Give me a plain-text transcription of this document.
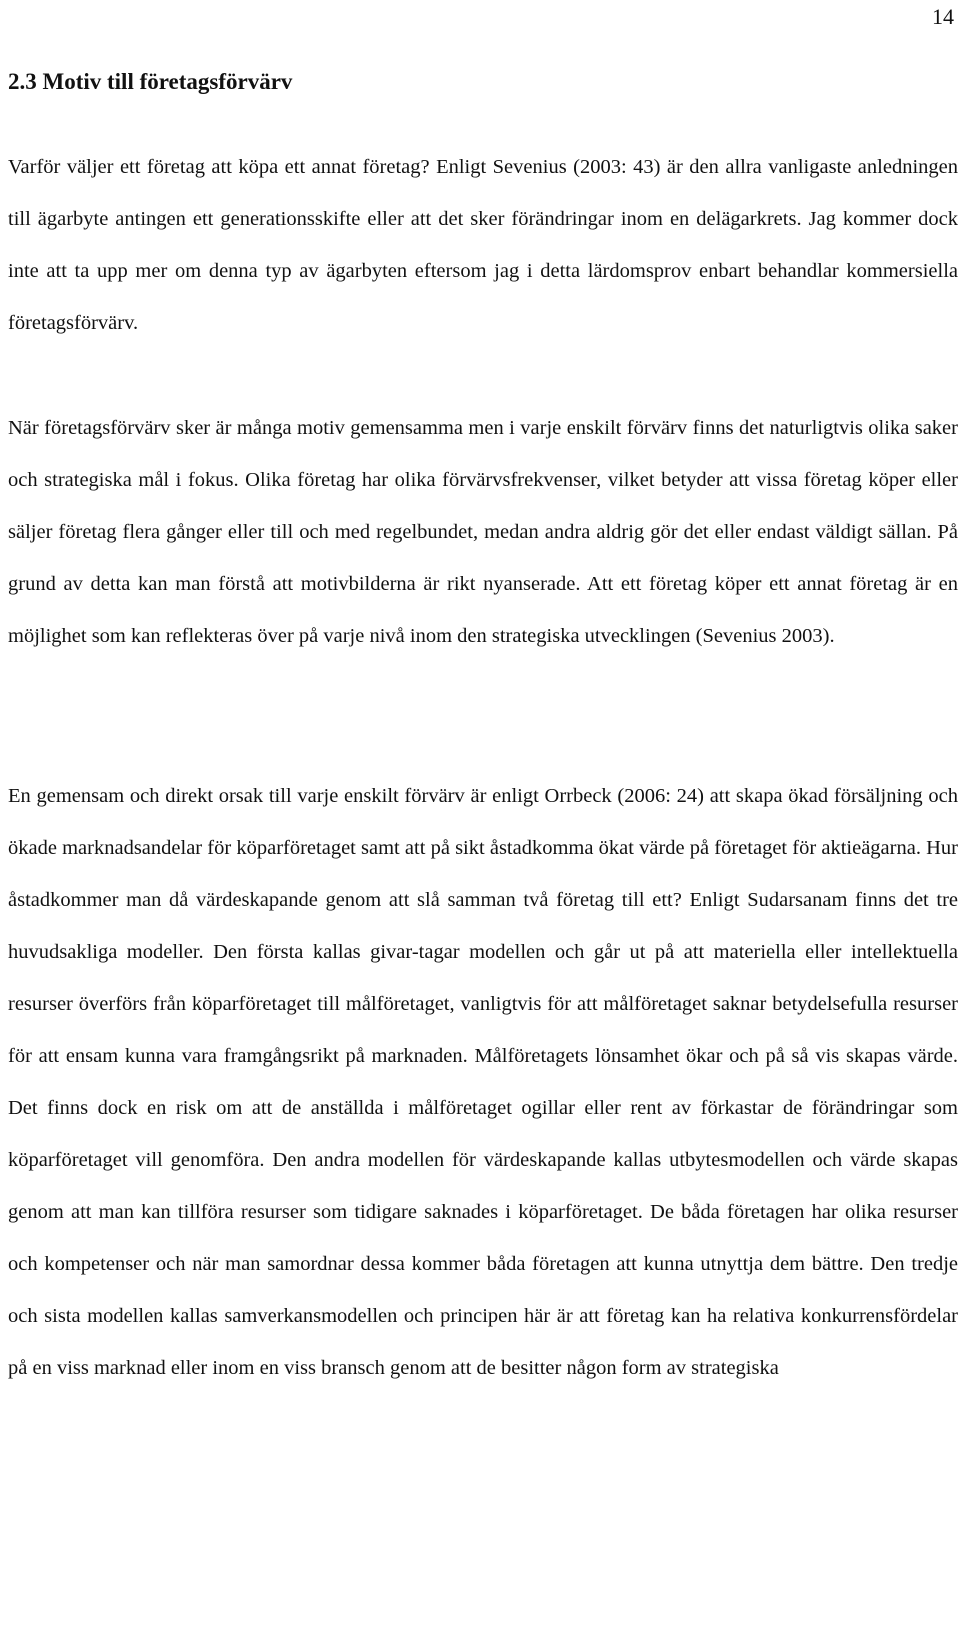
14
2.3 Motiv till företagsförvärv

Varför väljer ett företag att köpa ett annat företag? Enligt Sevenius (2003: 43) är den allra vanligaste anledningen till ägarbyte antingen ett generationsskifte eller att det sker förändringar inom en delägarkrets. Jag kommer dock inte att ta upp mer om denna typ av ägarbyten eftersom jag i detta lärdomsprov enbart behandlar kommersiella företagsförvärv.

När företagsförvärv sker är många motiv gemensamma men i varje enskilt förvärv finns det naturligtvis olika saker och strategiska mål i fokus. Olika företag har olika förvärvsfrekvenser, vilket betyder att vissa företag köper eller säljer företag flera gånger eller till och med regelbundet, medan andra aldrig gör det eller endast väldigt sällan. På grund av detta kan man förstå att motivbilderna är rikt nyanserade. Att ett företag köper ett annat företag är en möjlighet som kan reflekteras över på varje nivå inom den strategiska utvecklingen (Sevenius 2003).

En gemensam och direkt orsak till varje enskilt förvärv är enligt Orrbeck (2006: 24) att skapa ökad försäljning och ökade marknadsandelar för köparföretaget samt att på sikt åstadkomma ökat värde på företaget för aktieägarna. Hur åstadkommer man då värdeskapande genom att slå samman två företag till ett? Enligt Sudarsanam finns det tre huvudsakliga modeller. Den första kallas givar-tagar modellen och går ut på att materiella eller intellektuella resurser överförs från köparföretaget till målföretaget, vanligtvis för att målföretaget saknar betydelsefulla resurser för att ensam kunna vara framgångsrikt på marknaden. Målföretagets lönsamhet ökar och på så vis skapas värde. Det finns dock en risk om att de anställda i målföretaget ogillar eller rent av förkastar de förändringar som köparföretaget vill genomföra. Den andra modellen för värdeskapande kallas utbytesmodellen och värde skapas genom att man kan tillföra resurser som tidigare saknades i köparföretaget. De båda företagen har olika resurser och kompetenser och när man samordnar dessa kommer båda företagen att kunna utnyttja dem bättre. Den tredje och sista modellen kallas samverkansmodellen och principen här är att företag kan ha relativa konkurrensfördelar på en viss marknad eller inom en viss bransch genom att de besitter någon form av strategiska
